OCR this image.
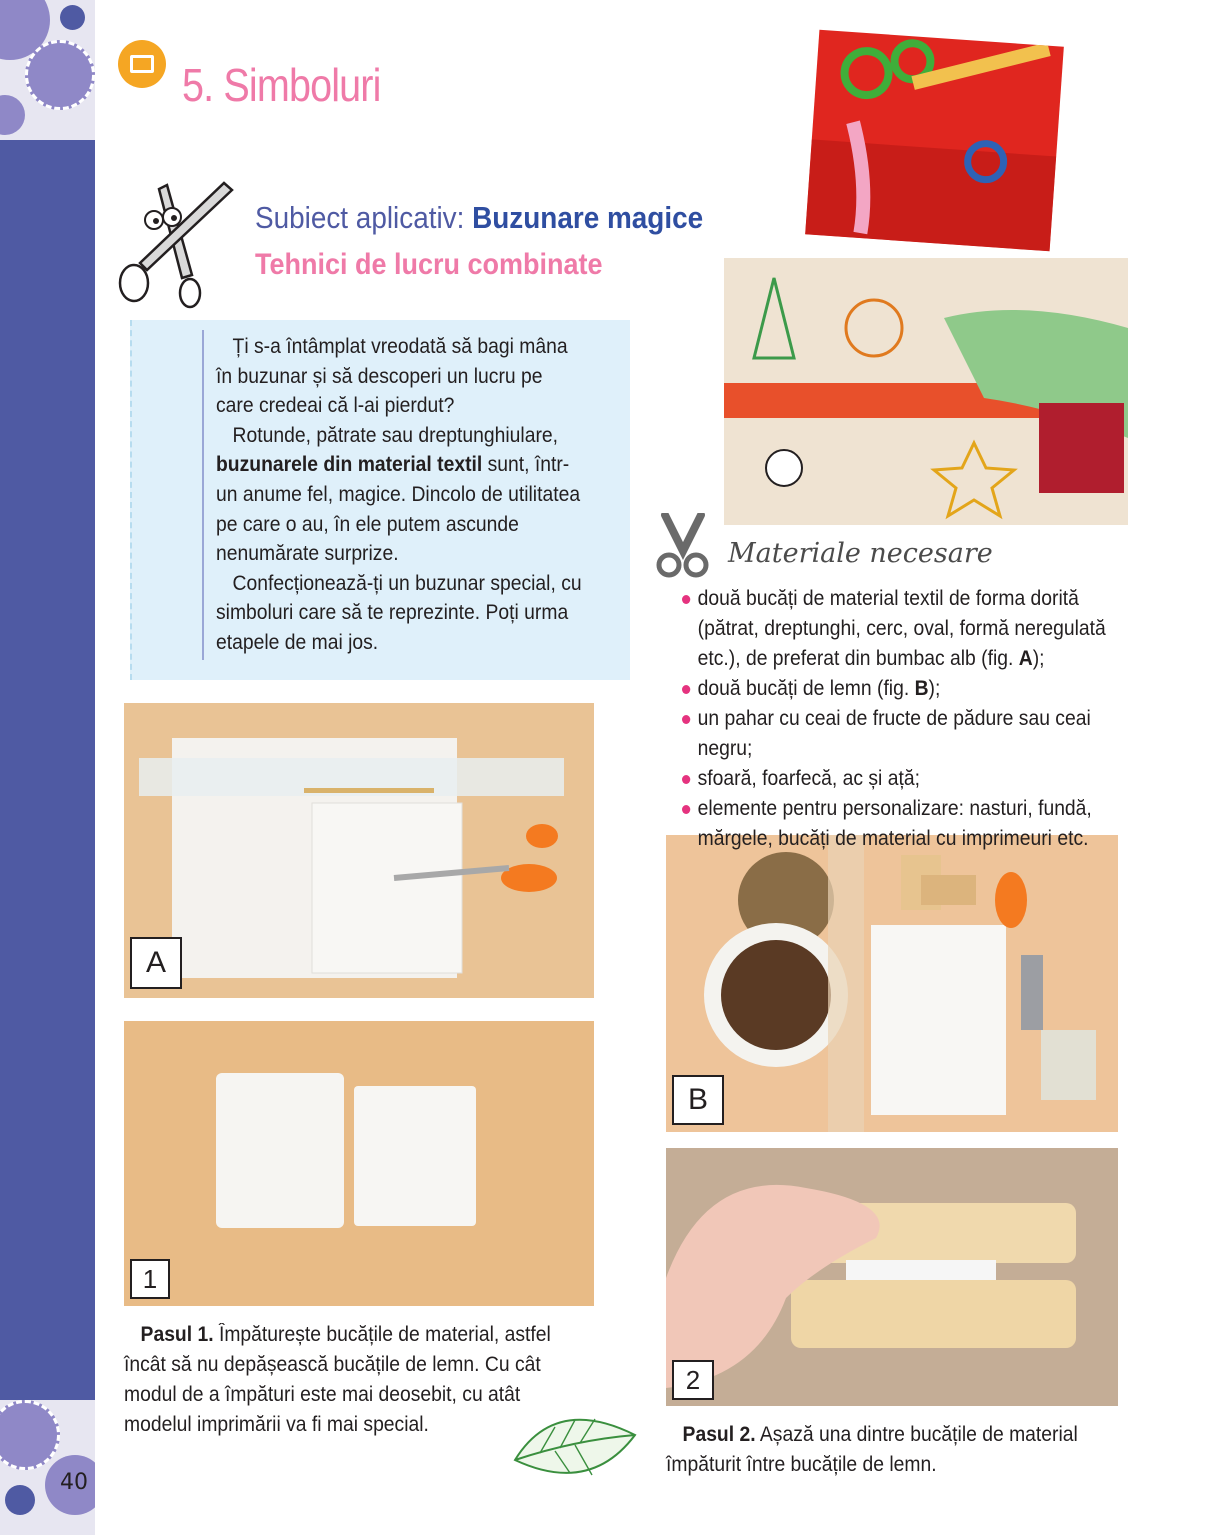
40
5. Simboluri
Subiect aplicativ: Buzunare magice
Tehnici de lucru combinate

Ți s-a întâmplat vreodată să bagi mâna în buzunar și să descoperi un lucru pe care credeai că l-ai pierdut?

Rotunde, pătrate sau dreptunghiulare, buzunarele din material textil sunt, într-un anume fel, magice. Dincolo de utilitatea pe care o au, în ele putem ascunde nenumărate surprize.

Confecționează-ți un buzunar special, cu simboluri care să te reprezinte. Poți urma etapele de mai jos.

A
B
1
2
Materiale necesare
două bucăți de material textil de forma dorită (pătrat, dreptunghi, cerc, oval, formă neregulată etc.), de preferat din bumbac alb (fig. A);
două bucăți de lemn (fig. B);
un pahar cu ceai de fructe de pădure sau ceai negru;
sfoară, foarfecă, ac și ață;
elemente pentru personalizare: nasturi, fundă, mărgele, bucăți de material cu imprimeuri etc.

Pasul 1. Împăturește bucățile de material, astfel încât să nu depășească bucățile de lemn. Cu cât modul de a împături este mai deosebit, cu atât modelul imprimării va fi mai special.	Pasul 2. Așază una dintre bucățile de material împăturit între bucățile de lemn.
